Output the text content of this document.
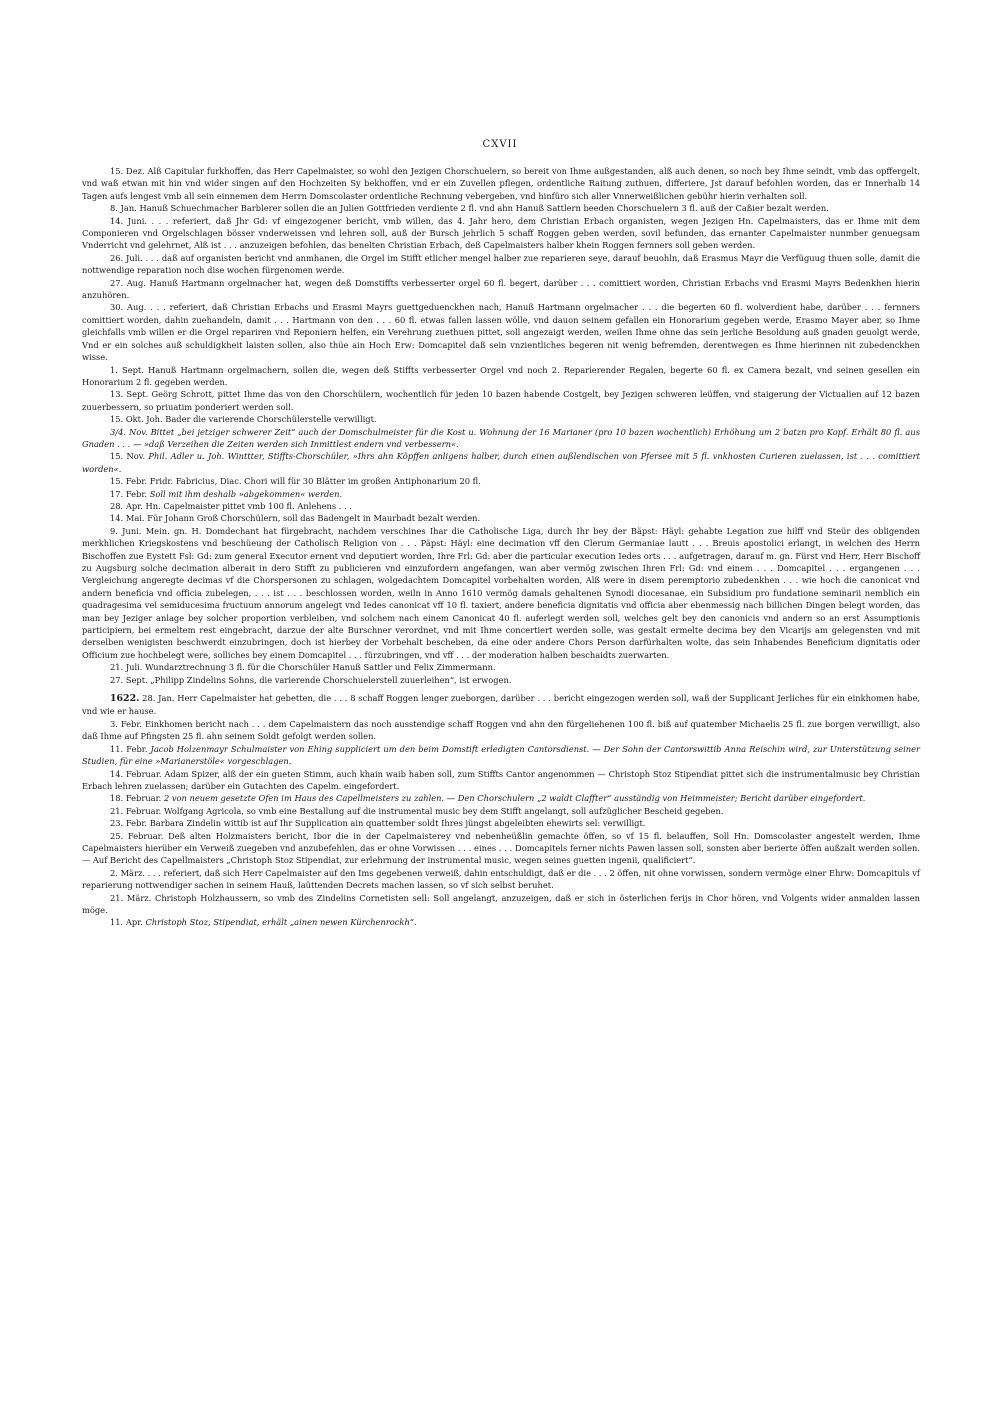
CXVII

15. Dez. Alß Capitular furkhoffen, das Herr Capelmaister, so wohl den Jezigen Chorschuelern, so bereit von Ihme außgestanden, alß auch denen, so noch bey Ihme seindt, vmb das opffergelt, vnd waß etwan mit hin vnd wider singen auf den Hochzeiten Sy bekhoffen, vnd er ein Zuvellen pflegen, ordentliche Raitung zuthuen, differiere, Jst darauf befohlen worden, das er Innerhalb 14 Tagen aufs lengest vmb all sein einnemen dem Herrn Domscolaster ordentliche Rechnung vebergeben, vnd hinfüro sich aller Vnnerweißlichen gebühr hierin verhalten soll.

8. Jan. Hanuß Schuechmacher Barblerer sollen die an Julien Gottfrieden verdiente 2 fl. vnd ahn Hanuß Sattlern beeden Chorschuelern 3 fl. auß der Caßier bezalt werden.

14. Juni. . . . referiert, daß Jhr Gd: vf eingezogener bericht, vmb willen, das 4. Jahr hero, dem Christian Erbach organisten, wegen Jezigen Hn. Capelmaisters, das er Ihme mit dem Componieren vnd Orgelschlagen bösser vnderweissen vnd lehren soll, auß der Bursch jehrlich 5 schaff Roggen geben werden, sovil befunden, das ernanter Capelmaister nunmber genuegsam Vnderricht vnd gelehrnet, Alß ist . . . anzuzeigen befohlen, das benelten Christian Erbach, deß Capelmaisters halber khein Roggen fernners soll geben werden.

26. Juli. . . . daß auf organisten bericht vnd anmhanen, die Orgel im Stifft etlicher mengel halber zue reparieren seye, darauf beuohln, daß Erasmus Mayr die Verfüguug thuen solle, damit die nottwendige reparation noch dise wochen fürgenomen werde.

27. Aug. Hanuß Hartmann orgelmacher hat, wegen deß Domstiffts verbesserter orgel 60 fl. begert, darüber . . . comittiert worden, Christian Erbachs vnd Erasmi Mayrs Bedenkhen hierin anzuhören.

30. Aug. . . . referiert, daß Christian Erbachs und Erasmi Mayrs guettgeduenckhen nach, Hanuß Hartmann orgelmacher . . . die begerten 60 fl. wolverdient habe, darüber . . . fernners comittiert worden, dahin zuehandeln, damit . . . Hartmann von den . . . 60 fl. etwas fallen lassen wölle, vnd dauon seinem gefallen ein Honorarium gegeben werde, Erasmo Mayer aber, so Ihme gleichfalls vmb willen er die Orgel repariren vnd Reponiern helfen, ein Verehrung zuethuen pittet, soll angezaigt werden, weilen Ihme ohne das sein jerliche Besoldung auß gnaden geuolgt werde, Vnd er ein solches auß schuldigkheit laisten sollen, also thüe ain Hoch Erw: Domcapitel daß sein vnzientliches begeren nit wenig befremden, derentwegen es Ihme hierinnen nit zubedenckhen wisse.

1. Sept. Hanuß Hartmann orgelmachern, sollen die, wegen deß Stiffts verbesserter Orgel vnd noch 2. Reparierender Regalen, begerte 60 fl. ex Camera bezalt, vnd seinen gesellen ein Honorarium 2 fl. gegeben werden.

13. Sept. Geörg Schrott, pittet Ihme das von den Chorschülern, wochentlich für jeden 10 bazen habende Costgelt, bey Jezigen schweren leüffen, vnd staigerung der Victualien auf 12 bazen zuuerbessern, so priuatim ponderiert werden soll.

15. Okt. Joh. Bader die varierende Chorschülerstelle verwilligt.

3/4. Nov. Bittet „bei jetziger schwerer Zeit“ auch der Domschulmeister für die Kost u. Wohnung der 16 Marianer (pro 10 bazen wochentlich) Erhöhung um 2 batzn pro Kopf. Erhält 80 fl. aus Gnaden . . . — »daß Verzeihen die Zeiten werden sich Inmittlest endern vnd verbessern«.

15. Nov. Phil. Adler u. Joh. Winttter, Stiffts-Chorschüler, »Ihrs ahn Köpffen anligens halber, durch einen außlendischen von Pfersee mit 5 fl. vnkhosten Curieren zuelassen, ist . . . comittiert worden«.

15. Febr. Fridr. Fabricius, Diac. Chori will für 30 Blätter im großen Antiphonarium 20 fl.

17. Febr. Soll mit ihm deshalb »abgekommen« werden.

28. Apr. Hn. Capelmaister pittet vmb 100 fl. Anlehens . . .

14. Mai. Für Johann Groß Chorschülern, soll das Badengelt in Maurbadt bezalt werden.

9. Juni. Mein. gn. H. Domdechant hat fürgebracht, nachdem verschines Ihar die Catholische Liga, durch Ihr bey der Bäpst: Häyl: gehabte Legation zue hilff vnd Steür des obligenden merkhlichen Kriegskostens vnd beschüeung der Catholisch Religion von . . . Päpst: Häyl: eine decimation vff den Clerum Germaniae lautt . . . Breuis apostolici erlangt, in welchen des Herrn Bischoffen zue Eystett Fsl: Gd: zum general Executor ernent vnd deputiert worden, Ihre Frl: Gd: aber die particular execution Iedes orts . . . aufgetragen, darauf m. gn. Fürst vnd Herr, Herr Bischoff zu Augsburg solche decimation alberait in dero Stifft zu publicieren vnd einzufordern angefangen, wan aber vermög zwischen Ihren Frl: Gd: vnd einem . . . Domcapitel . . . ergangenen . . . Vergleichung angeregte decimas vf die Chorspersonen zu schlagen, wolgedachtem Domcapitel vorbehalten worden, Alß were in disem peremptorio zubedenkhen . . . wie hoch die canonicat vnd andern beneficia vnd officia zubelegen, . . . ist . . . beschlossen worden, weiln in Anno 1610 vermög damals gehaltenen Synodi diocesanae, ein Subsidium pro fundatione seminarii nemblich ein quadragesima vel semiducesima fructuum annorum angelegt vnd Iedes canonicat vff 10 fl. taxiert, andere beneficia dignitatis vnd officia aber ebenmessig nach billichen Dingen belegt worden, das man bey Jeziger anlage bey solcher proportion verbleiben, vnd solchem nach einem Canonicat 40 fl. auferlegt werden soll, welches gelt bey den canonicis vnd andern so an erst Assumptionis participiern, bei ermeltem rest eingebracht, darzue der alte Burschner verordnet, vnd mit Ihme concertiert werden solle, was gestalt ermelte decima bey den Vicarijs am gelegensten vnd mit derselben wenigisten beschwerdt einzubringen, doch ist hierbey der Vorbehalt bescheben, da eine oder andere Chors Person darfürhalten wolte, das sein Inhabendes Beneficium dignitatis oder Officium zue hochbelegt were, solliches bey einem Domcapitel . . . fürzubringen, vnd vff . . . der moderation halben beschaidts zuerwarten.

21. Juli. Wundarztrechnung 3 fl. für die Chorschüler Hanuß Sattler und Felix Zimmermann.

27. Sept. „Philipp Zindelins Sohns, die varierende Chorschuelerstell zuuerleihen“, ist erwogen.

1622. 28. Jan. Herr Capelmaister hat gebetten, die . . . 8 schaff Roggen lenger zueborgen, darüber . . . bericht eingezogen werden soll, waß der Supplicant Jerliches für ein einkhomen habe, vnd wie er hause.

3. Febr. Einkhomen bericht nach . . . dem Capelmaistern das noch ausstendige schaff Roggen vnd ahn den fürgeliehenen 100 fl. biß auf quatember Michaelis 25 fl. zue borgen verwilligt, also daß Ihme auf Pfingsten 25 fl. ahn seinem Soldt gefolgt werden sollen.

11. Febr. Jacob Holzenmayr Schulmaister von Ehing suppliciert um den beim Domstift erledigten Cantorsdienst. — Der Sohn der Cantorswittib Anna Reischin wird, zur Unterstützung seiner Studien, für eine »Marianerstöle« vorgeschlagen.

14. Februar. Adam Spizer, alß der ein gueten Stimm, auch khain waib haben soll, zum Stiffts Cantor angenommen — Christoph Stoz Stipendiat pittet sich die instrumentalmusic bey Christian Erbach lehren zuelassen; darüber ein Gutachten des Capelm. eingefordert.

18. Februar. 2 von neuem gesetzte Ofen im Haus des Capellmeisters zu zahlen. — Den Chorschulern „2 waldt Claffter“ ausständig von Heimmeister; Bericht darüber eingefordert.

21. Februar. Wolfgang Agricola, so vmb eine Bestallung auf die instrumental music bey dem Stifft angelangt, soll aufzüglicher Bescheid gegeben.

23. Febr. Barbara Zindelin wittib ist auf Ihr Supplication ain quattember soldt Ihres jüngst abgeleibten ehewirts sel: verwilligt.

25. Februar. Deß alten Holzmaisters bericht, Ibor die in der Capelmaisterey vnd nebenheüßlin gemachte öffen, so vf 15 fl. belauffen, Soll Hn. Domscolaster angestelt werden, Ihme Capelmaisters hierüber ein Verweiß zuegeben vnd anzubefehlen, das er ohne Vorwissen . . . eines . . . Domcapitels ferner nichts Pawen lassen soll, sonsten aber berierte öffen außzalt werden sollen. — Auf Bericht des Capellmaisters „Christoph Stoz Stipendiat, zur erlehrnung der instrumental music, wegen seines guetten ingenii, qualificiert“.

2. März. . . . referiert, daß sich Herr Capelmaister auf den Ims gegebenen verweiß, dahin entschuldigt, daß er die . . . 2 öffen, nit ohne vorwissen, sondern vermöge einer Ehrw: Domcapituls vf reparierung nottwendiger sachen in seinem Hauß, laüttenden Decrets machen lassen, so vf sich selbst beruhet.

21. März. Christoph Holzhaussern, so vmb des Zindelins Cornetisten sell: Soll angelangt, anzuzeigen, daß er sich in österlichen ferijs in Chor hören, vnd Volgents wider anmalden lassen möge.

11. Apr. Christoph Stoz, Stipendiat, erhält „ainen newen Kürchenrockh“.
